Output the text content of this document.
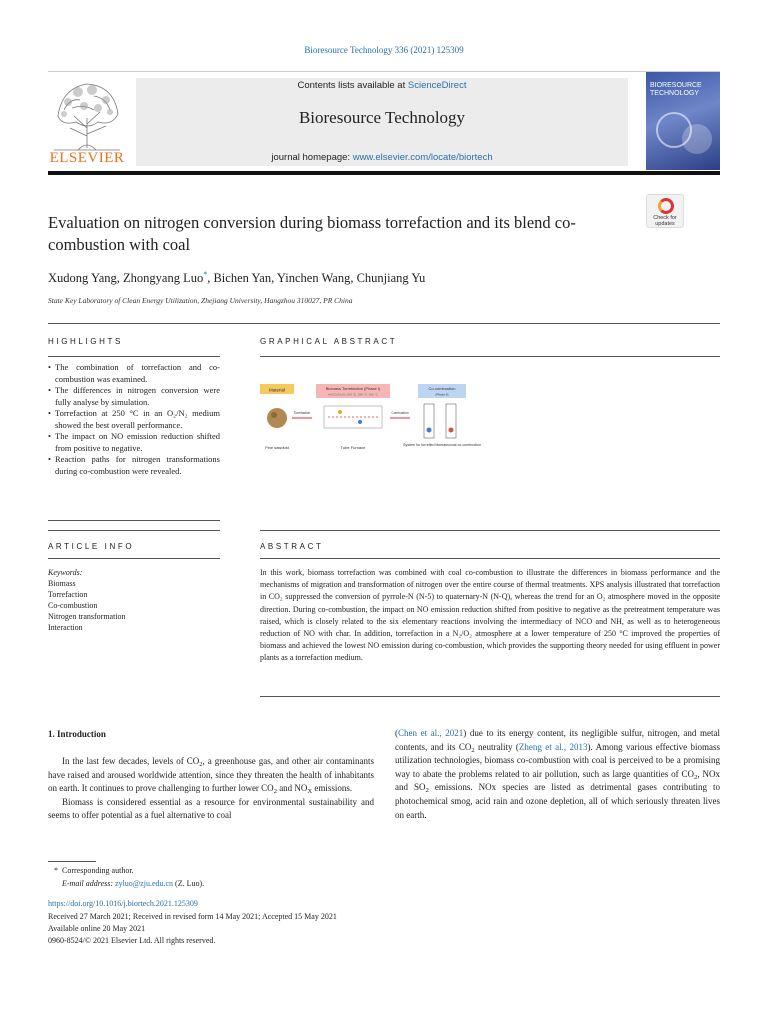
Bioresource Technology 336 (2021) 125309
ELSEVIER
Contents lists available at ScienceDirect
Bioresource Technology
journal homepage: www.elsevier.com/locate/biortech
BIORESOURCE TECHNOLOGY
Evaluation on nitrogen conversion during biomass torrefaction and its blend co-combustion with coal
Check for updates
Xudong Yang, Zhongyang Luo*, Bichen Yan, Yinchen Wang, Chunjiang Yu
State Key Laboratory of Clean Energy Utilization, Zhejiang University, Hangzhou 310027, PR China
HIGHLIGHTS	GRAPHICAL ABSTRACT
• The combination of torrefaction and co-combustion was examined.
• The differences in nitrogen conversion were fully analyse by simulation.
• Torrefaction at 250 °C in an O₂/N₂ medium showed the best overall performance.
• The impact on NO emission reduction shifted from positive to negative.
• Reaction paths for nitrogen transformations during co-combustion were revealed.
Material
Pine sawdust
Torrefaction
Biomass Torrefaction (Phase I)
Ar/CO₂/N₂/O₂ 200 °C, 250 °C, 300 °C
Tube Furnace
Combustion
Co-combustion
(Phase II)
System for torrefied biomass/coal co-combustion
ARTICLE INFO	ABSTRACT
Keywords:
Biomass
Torrefaction
Co-combustion
Nitrogen transformation
Interaction
In this work, biomass torrefaction was combined with coal co-combustion to illustrate the differences in biomass performance and the mechanisms of migration and transformation of nitrogen over the entire course of thermal treatments. XPS analysis illustrated that torrefaction in CO₂ suppressed the conversion of pyrrole-N (N-5) to quaternary-N (N-Q), whereas the trend for an O₂ atmosphere moved in the opposite direction. During co-combustion, the impact on NO emission reduction shifted from positive to negative as the pretreatment temperature was raised, which is closely related to the six elementary reactions involving the intermediacy of NCO and NH, as well as to heterogeneous reduction of NO with char. In addition, torrefaction in a N₂/O₂ atmosphere at a lower temperature of 250 °C improved the properties of biomass and achieved the lowest NO emission during co-combustion, which provides the supporting theory needed for using effluent in power plants as a torrefaction medium.
1. Introduction

In the last few decades, levels of $CO_2$, a greenhouse gas, and other air contaminants have raised and aroused worldwide attention, since they threaten the health of inhabitants on earth. It continues to prove challenging to further lower $CO_2$ and $NO_X$ emissions.

Biomass is considered essential as a resource for environmental sustainability and seems to offer potential as a fuel alternative to coal

(Chen et al., 2021) due to its energy content, its negligible sulfur, nitrogen, and metal contents, and its $CO_2$ neutrality (Zheng et al., 2013). Among various effective biomass utilization technologies, biomass co-combustion with coal is perceived to be a promising way to abate the problems related to air pollution, such as large quantities of $CO_2$, NOx and $SO_2$ emissions. NOx species are listed as detrimental gases contributing to photochemical smog, acid rain and ozone depletion, all of which seriously threaten lives on earth.
* Corresponding author.
E-mail address: zyluo@zju.edu.cn (Z. Luo).
https://doi.org/10.1016/j.biortech.2021.125309
Received 27 March 2021; Received in revised form 14 May 2021; Accepted 15 May 2021
Available online 20 May 2021
0960-8524/© 2021 Elsevier Ltd. All rights reserved.
